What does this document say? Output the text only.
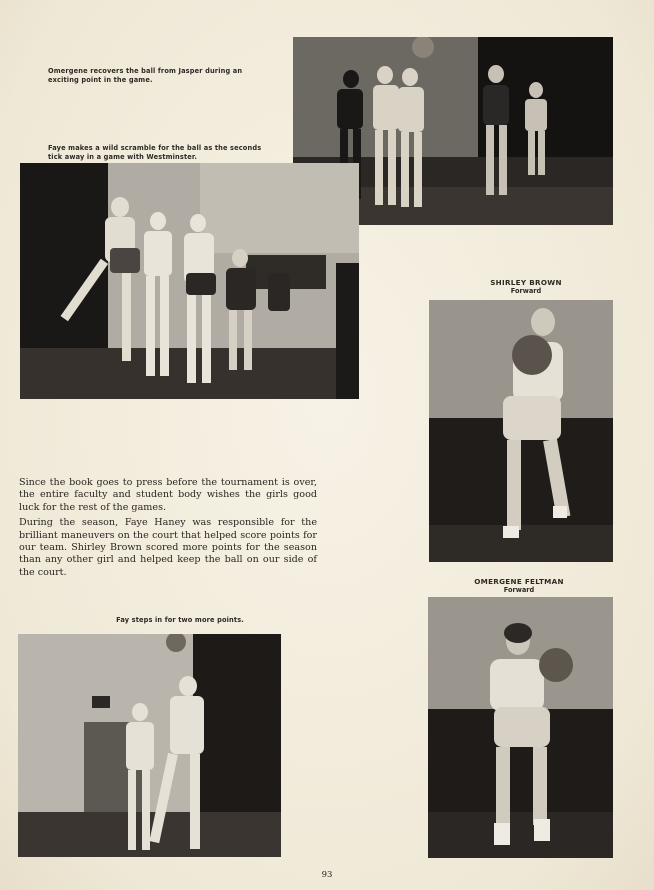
Omergene recovers the ball from Jasper during an exciting point in the game.
Faye makes a wild scramble for the ball as the seconds tick away in a game with Westminster.
SHIRLEY BROWN
Forward

Since the book goes to press before the tournament is over, the entire faculty and student body wishes the girls good luck for the rest of the games.

During the season, Faye Haney was responsible for the brilliant maneuvers on the court that helped score points for our team. Shirley Brown scored more points for the season than any other girl and helped keep the ball on our side of the court.

OMERGENE FELTMAN
Forward
Fay steps in for two more points.
93
